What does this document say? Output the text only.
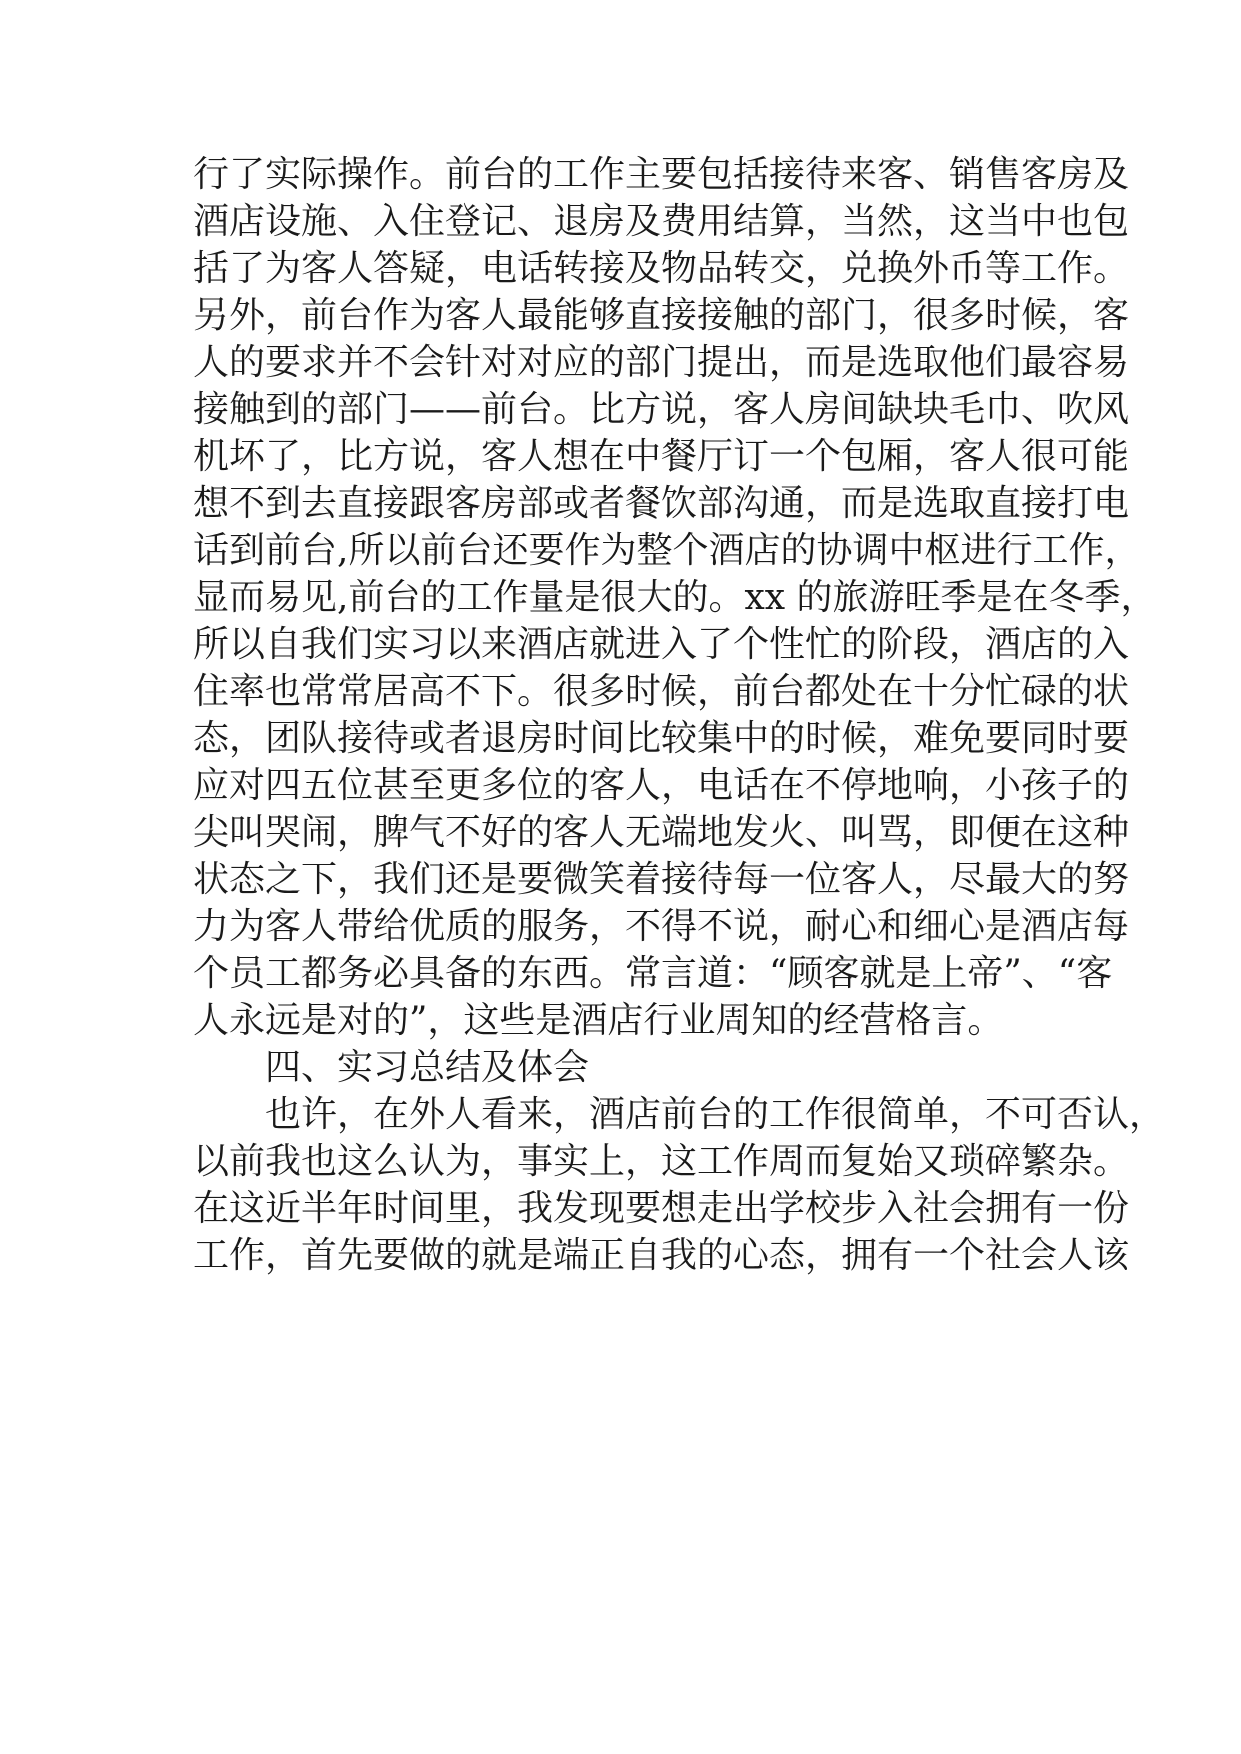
行了实际操作。前台的工作主要包括接待来客、销售客房及
酒店设施、入住登记、退房及费用结算，当然，这当中也包
括了为客人答疑，电话转接及物品转交，兑换外币等工作。
另外，前台作为客人最能够直接接触的部门，很多时候，客
人的要求并不会针对对应的部门提出，而是选取他们最容易
接触到的部门——前台。比方说，客人房间缺块毛巾、吹风
机坏了，比方说，客人想在中餐厅订一个包厢，客人很可能
想不到去直接跟客房部或者餐饮部沟通，而是选取直接打电
话到前台,所以前台还要作为整个酒店的协调中枢进行工作，
显而易见,前台的工作量是很大的。xx 的旅游旺季是在冬季，
所以自我们实习以来酒店就进入了个性忙的阶段，酒店的入
住率也常常居高不下。很多时候，前台都处在十分忙碌的状
态，团队接待或者退房时间比较集中的时候，难免要同时要
应对四五位甚至更多位的客人，电话在不停地响，小孩子的
尖叫哭闹，脾气不好的客人无端地发火、叫骂，即便在这种
状态之下，我们还是要微笑着接待每一位客人，尽最大的努
力为客人带给优质的服务，不得不说，耐心和细心是酒店每
个员工都务必具备的东西。常言道：“顾客就是上帝”、“客
人永远是对的”，这些是酒店行业周知的经营格言。
四、实习总结及体会
也许，在外人看来，酒店前台的工作很简单，不可否认，
以前我也这么认为，事实上，这工作周而复始又琐碎繁杂。
在这近半年时间里，我发现要想走出学校步入社会拥有一份
工作，首先要做的就是端正自我的心态，拥有一个社会人该
